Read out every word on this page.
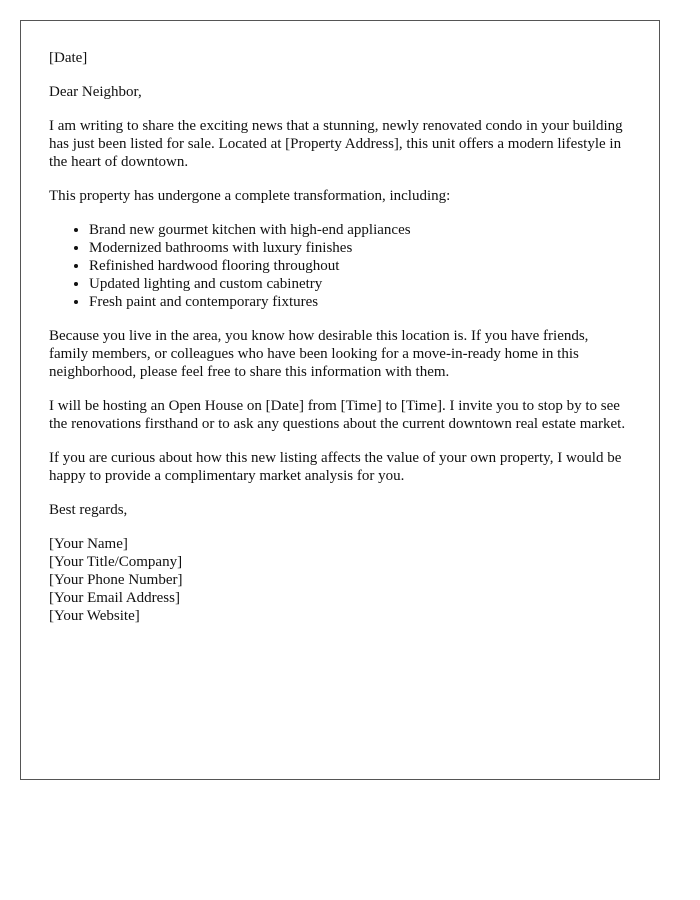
[Date]

Dear Neighbor,

I am writing to share the exciting news that a stunning, newly renovated condo in your building has just been listed for sale. Located at [Property Address], this unit offers a modern lifestyle in the heart of downtown.

This property has undergone a complete transformation, including:

• Brand new gourmet kitchen with high-end appliances
• Modernized bathrooms with luxury finishes
• Refinished hardwood flooring throughout
• Updated lighting and custom cabinetry
• Fresh paint and contemporary fixtures

Because you live in the area, you know how desirable this location is. If you have friends, family members, or colleagues who have been looking for a move-in-ready home in this neighborhood, please feel free to share this information with them.

I will be hosting an Open House on [Date] from [Time] to [Time]. I invite you to stop by to see the renovations firsthand or to ask any questions about the current downtown real estate market.

If you are curious about how this new listing affects the value of your own property, I would be happy to provide a complimentary market analysis for you.

Best regards,

[Your Name]
[Your Title/Company]
[Your Phone Number]
[Your Email Address]
[Your Website]
